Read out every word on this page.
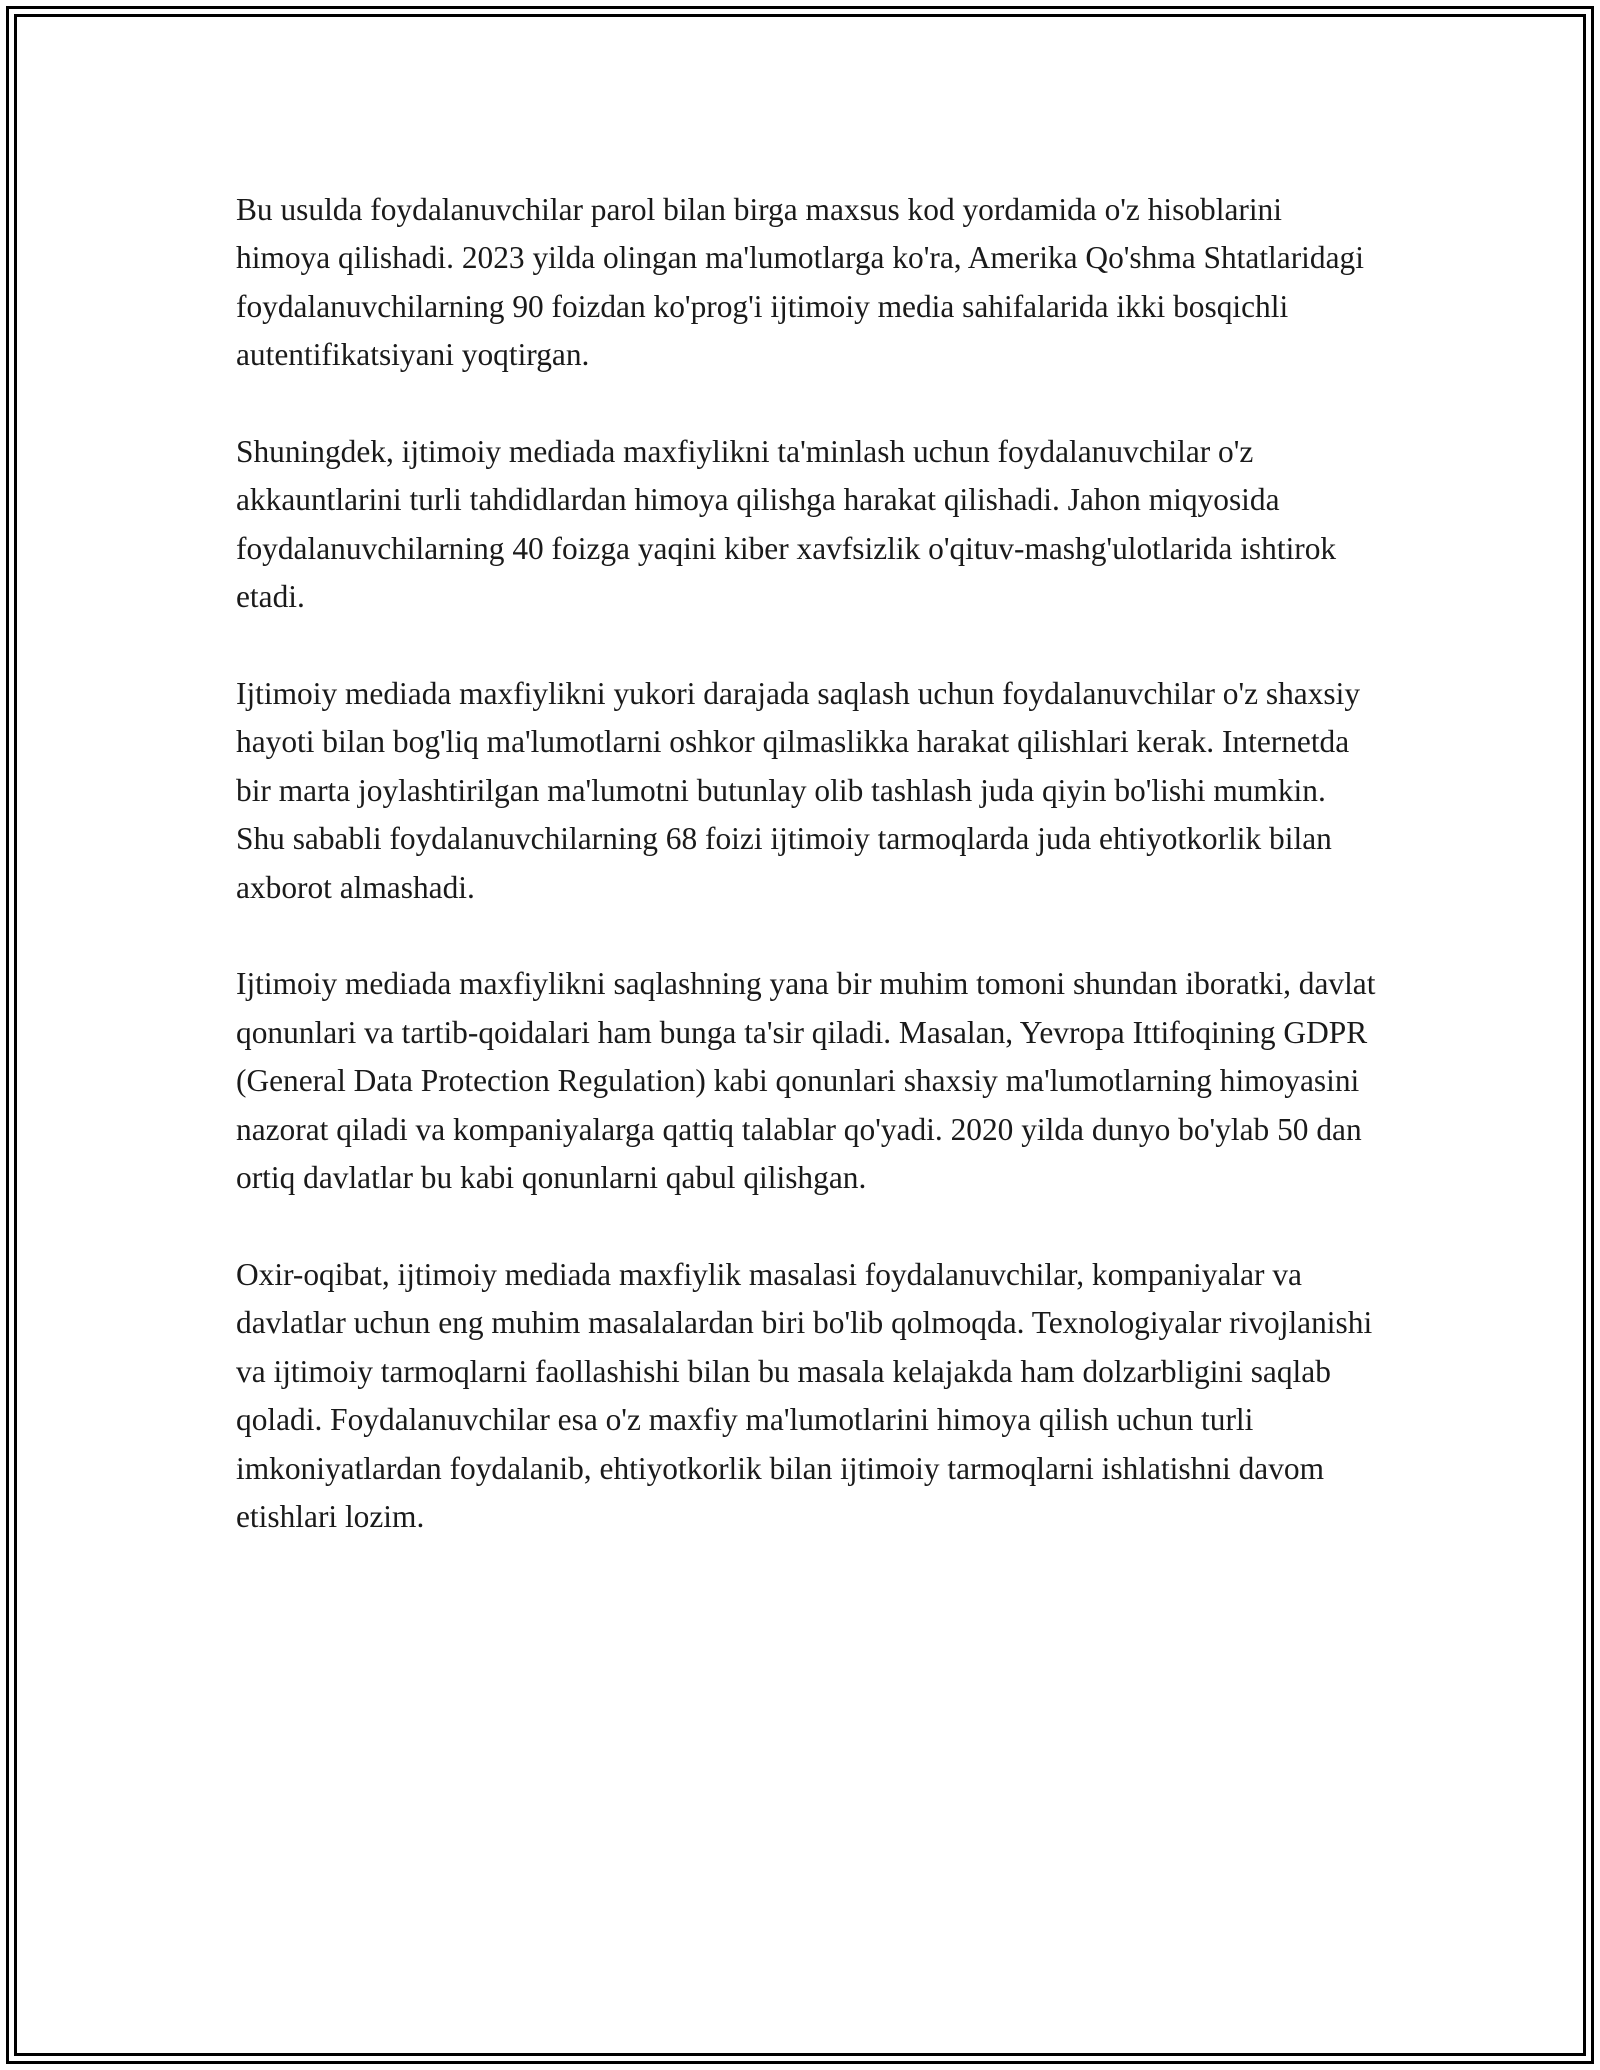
Bu usulda foydalanuvchilar parol bilan birga maxsus kod yordamida o'z hisoblarini himoya qilishadi. 2023 yilda olingan ma'lumotlarga ko'ra, Amerika Qo'shma Shtatlaridagi foydalanuvchilarning 90 foizdan ko'prog'i ijtimoiy media sahifalarida ikki bosqichli autentifikatsiyani yoqtirgan.

Shuningdek, ijtimoiy mediada maxfiylikni ta'minlash uchun foydalanuvchilar o'z akkauntlarini turli tahdidlardan himoya qilishga harakat qilishadi. Jahon miqyosida foydalanuvchilarning 40 foizga yaqini kiber xavfsizlik o'qituv-mashg'ulotlarida ishtirok etadi.

Ijtimoiy mediada maxfiylikni yukori darajada saqlash uchun foydalanuvchilar o'z shaxsiy hayoti bilan bog'liq ma'lumotlarni oshkor qilmaslikka harakat qilishlari kerak. Internetda bir marta joylashtirilgan ma'lumotni butunlay olib tashlash juda qiyin bo'lishi mumkin. Shu sababli foydalanuvchilarning 68 foizi ijtimoiy tarmoqlarda juda ehtiyotkorlik bilan axborot almashadi.

Ijtimoiy mediada maxfiylikni saqlashning yana bir muhim tomoni shundan iboratki, davlat qonunlari va tartib-qoidalari ham bunga ta'sir qiladi. Masalan, Yevropa Ittifoqining GDPR (General Data Protection Regulation) kabi qonunlari shaxsiy ma'lumotlarning himoyasini nazorat qiladi va kompaniyalarga qattiq talablar qo'yadi. 2020 yilda dunyo bo'ylab 50 dan ortiq davlatlar bu kabi qonunlarni qabul qilishgan.

Oxir-oqibat, ijtimoiy mediada maxfiylik masalasi foydalanuvchilar, kompaniyalar va davlatlar uchun eng muhim masalalardan biri bo'lib qolmoqda. Texnologiyalar rivojlanishi va ijtimoiy tarmoqlarni faollashishi bilan bu masala kelajakda ham dolzarbligini saqlab qoladi. Foydalanuvchilar esa o'z maxfiy ma'lumotlarini himoya qilish uchun turli imkoniyatlardan foydalanib, ehtiyotkorlik bilan ijtimoiy tarmoqlarni ishlatishni davom etishlari lozim.
